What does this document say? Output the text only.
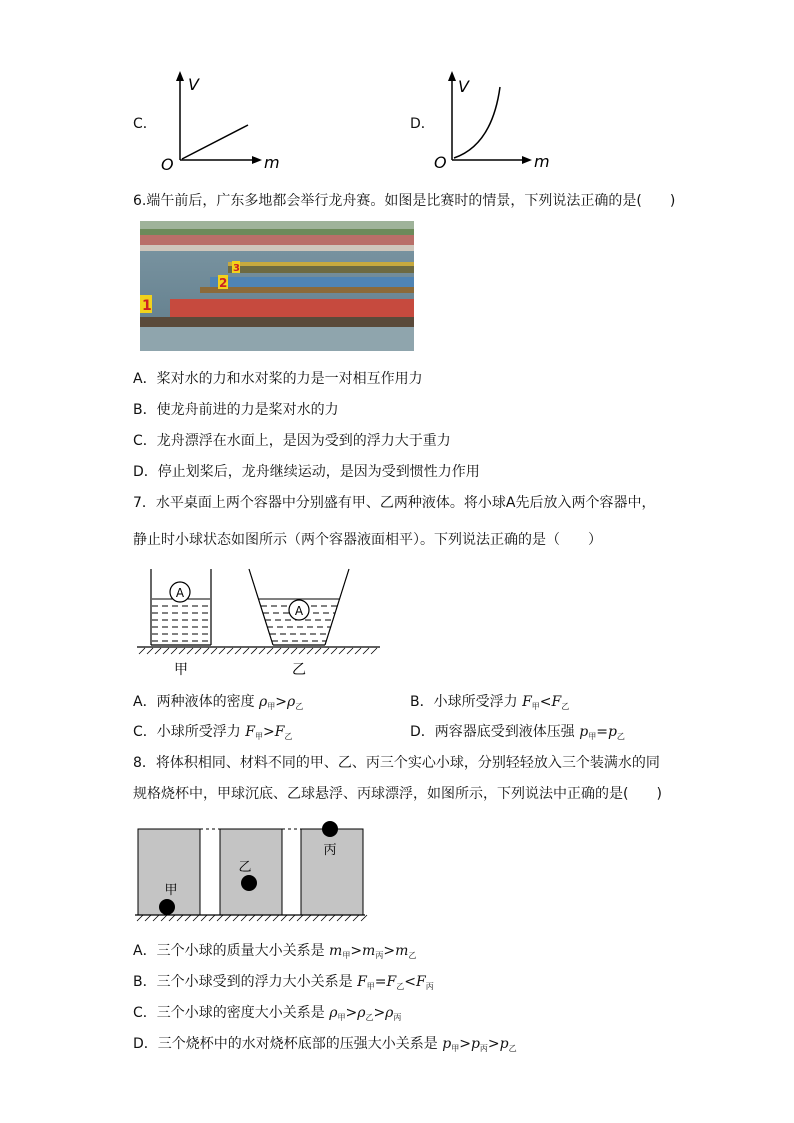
C．
V
m
O
D．
V
m
O
6.端午前后，广东多地都会举行龙舟赛。如图是比赛时的情景，下列说法正确的是(　　)
1
2
3
A．桨对水的力和水对桨的力是一对相互作用力
B．使龙舟前进的力是桨对水的力
C．龙舟漂浮在水面上，是因为受到的浮力大于重力
D．停止划桨后，龙舟继续运动，是因为受到惯性力作用
7．水平桌面上两个容器中分别盛有甲、乙两种液体。将小球A先后放入两个容器中，
静止时小球状态如图所示（两个容器液面相平）。下列说法正确的是（　　）
A
A
甲	乙
A．两种液体的密度 $\rho_甲>\rho_乙$	B．小球所受浮力 $F_甲<F_乙$
C．小球所受浮力 $F_甲>F_乙$	D．两容器底受到液体压强 $p_甲=p_乙$
8．将体积相同、材料不同的甲、乙、丙三个实心小球，分别轻轻放入三个装满水的同
规格烧杯中，甲球沉底、乙球悬浮、丙球漂浮，如图所示，下列说法中正确的是(　　)
甲
乙
丙
A．三个小球的质量大小关系是 $m_甲>m_丙>m_乙$
B．三个小球受到的浮力大小关系是 $F_甲=F_乙<F_丙$
C．三个小球的密度大小关系是 $\rho_甲>\rho_乙>\rho_丙$
D．三个烧杯中的水对烧杯底部的压强大小关系是 $p_甲>p_丙>p_乙$
